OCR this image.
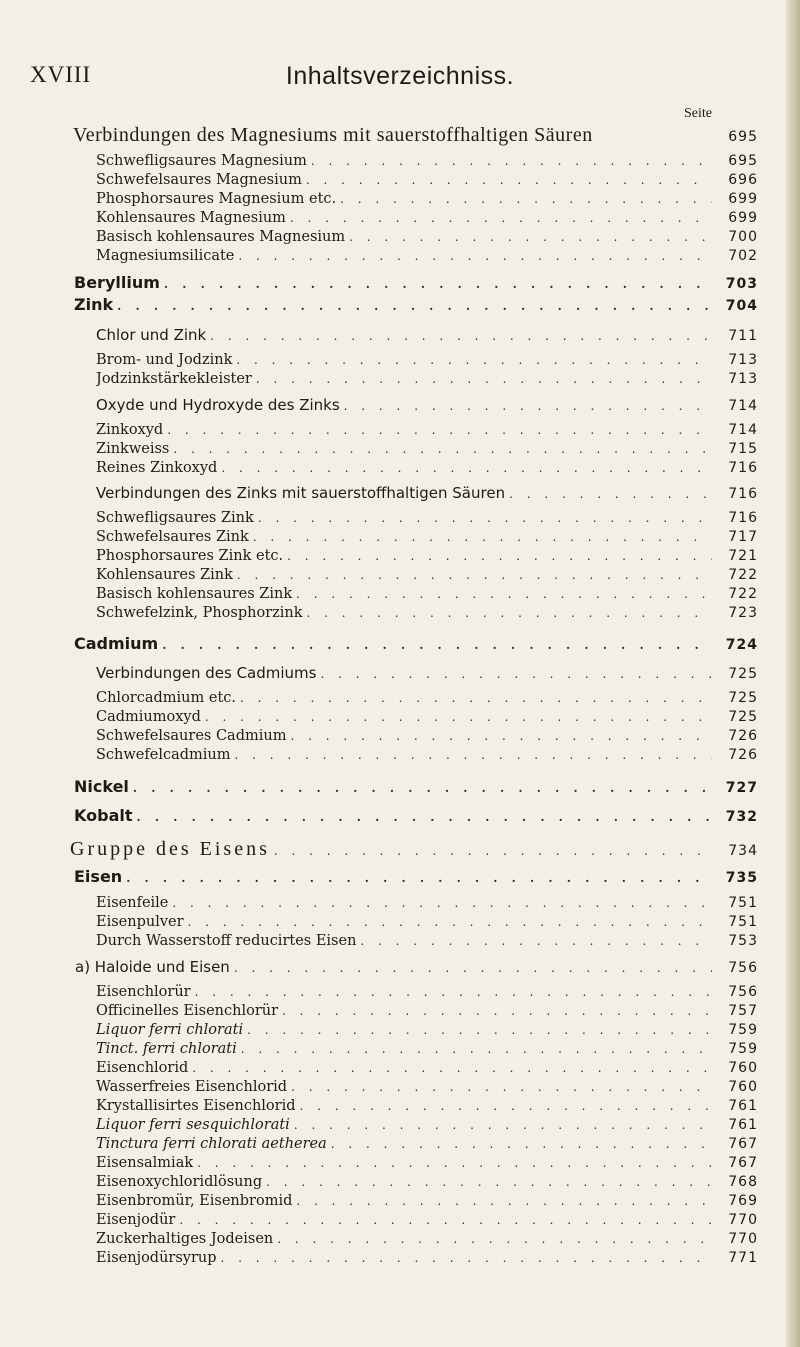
XVIII	Inhaltsverzeichniss.
Seite
Verbindungen des Magnesiums mit sauerstoffhaltigen Säuren	695
Schwefligsaures Magnesium . . .	695
Schwefelsaures Magnesium . . .	696
Phosphorsaures Magnesium etc. . . .	699
Kohlensaures Magnesium . . .	699
Basisch kohlensaures Magnesium . . .	700
Magnesiumsilicate . . .	702
Beryllium . . .	703
Zink . . .	704
Chlor und Zink . . .	711
Brom- und Jodzink . . .	713
Jodzinkstärkekleister . . .	713
Oxyde und Hydroxyde des Zinks . . .	714
Zinkoxyd . . .	714
Zinkweiss . . .	715
Reines Zinkoxyd . . .	716
Verbindungen des Zinks mit sauerstoffhaltigen Säuren . . .	716
Schwefligsaures Zink . . .	716
Schwefelsaures Zink . . .	717
Phosphorsaures Zink etc. . . .	721
Kohlensaures Zink . . .	722
Basisch kohlensaures Zink . . .	722
Schwefelzink, Phosphorzink . . .	723
Cadmium . . .	724
Verbindungen des Cadmiums . . .	725
Chlorcadmium etc. . . .	725
Cadmiumoxyd . . .	725
Schwefelsaures Cadmium . . .	726
Schwefelcadmium . . .	726
Nickel . . .	727
Kobalt . . .	732
Gruppe des Eisens . . .	734
Eisen . . .	735
Eisenfeile . . .	751
Eisenpulver . . .	751
Durch Wasserstoff reducirtes Eisen . . .	753
a) Haloide und Eisen . . .	756
Eisenchlorür . . .	756
Officinelles Eisenchlorür . . .	757
Liquor ferri chlorati . . .	759
Tinct. ferri chlorati . . .	759
Eisenchlorid . . .	760
Wasserfreies Eisenchlorid . . .	760
Krystallisirtes Eisenchlorid . . .	761
Liquor ferri sesquichlorati . . .	761
Tinctura ferri chlorati aetherea . . .	767
Eisensalmiak . . .	767
Eisenoxychloridlösung . . .	768
Eisenbromür, Eisenbromid . . .	769
Eisenjodür . . .	770
Zuckerhaltiges Jodeisen . . .	770
Eisenjodürsyrup . . .	771
